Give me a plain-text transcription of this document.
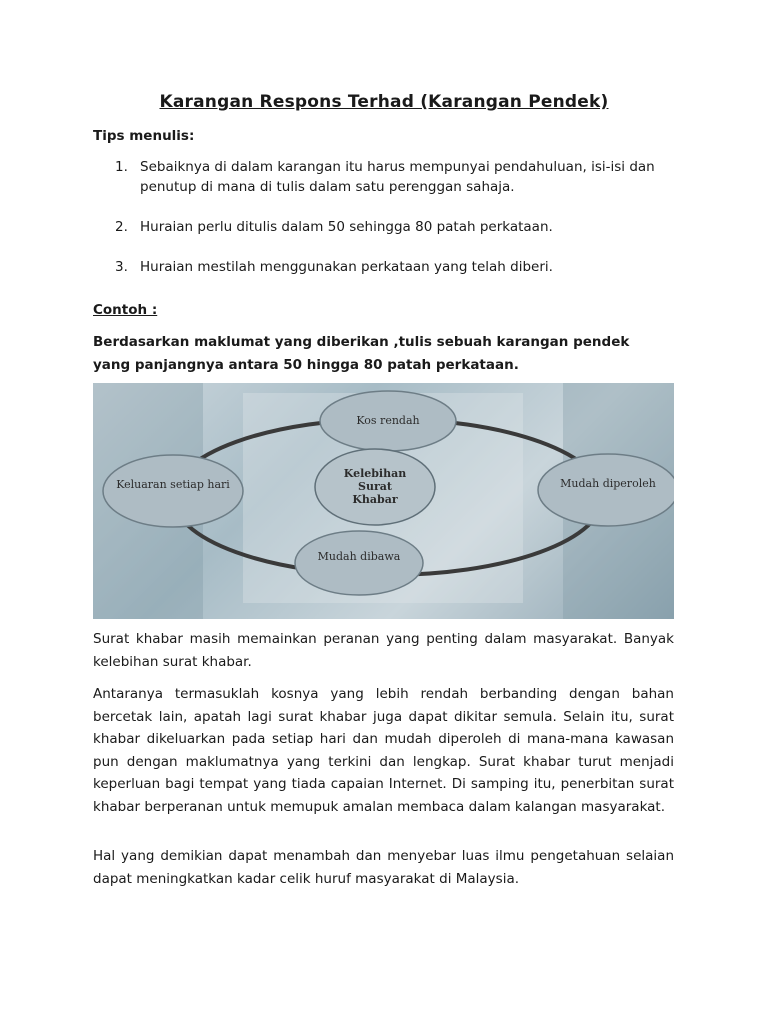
Karangan Respons Terhad (Karangan Pendek)
Tips menulis:
1. Sebaiknya di dalam karangan itu harus mempunyai pendahuluan, isi-isi dan penutup di mana di tulis dalam satu perenggan sahaja.
2. Huraian perlu ditulis dalam 50 sehingga 80 patah perkataan.
3. Huraian mestilah menggunakan perkataan yang telah diberi.
Contoh :
Berdasarkan maklumat yang diberikan ,tulis sebuah karangan pendek yang panjangnya antara 50 hingga 80 patah perkataan.
Kos rendah
Mudah diperoleh
Mudah dibawa
Keluaran setiap hari
Kelebihan Surat Khabar
Surat khabar masih memainkan peranan yang penting dalam masyarakat. Banyak kelebihan surat khabar.
Antaranya termasuklah kosnya yang lebih rendah berbanding dengan bahan bercetak lain, apatah lagi surat khabar juga dapat dikitar semula. Selain itu, surat khabar dikeluarkan pada setiap hari dan mudah diperoleh di mana-mana kawasan pun dengan maklumatnya yang terkini dan lengkap. Surat khabar turut menjadi keperluan bagi tempat yang tiada capaian Internet. Di samping itu, penerbitan surat khabar berperanan untuk memupuk amalan membaca dalam kalangan masyarakat.
Hal yang demikian dapat menambah dan menyebar luas ilmu pengetahuan selaian dapat meningkatkan kadar celik huruf masyarakat di Malaysia.
